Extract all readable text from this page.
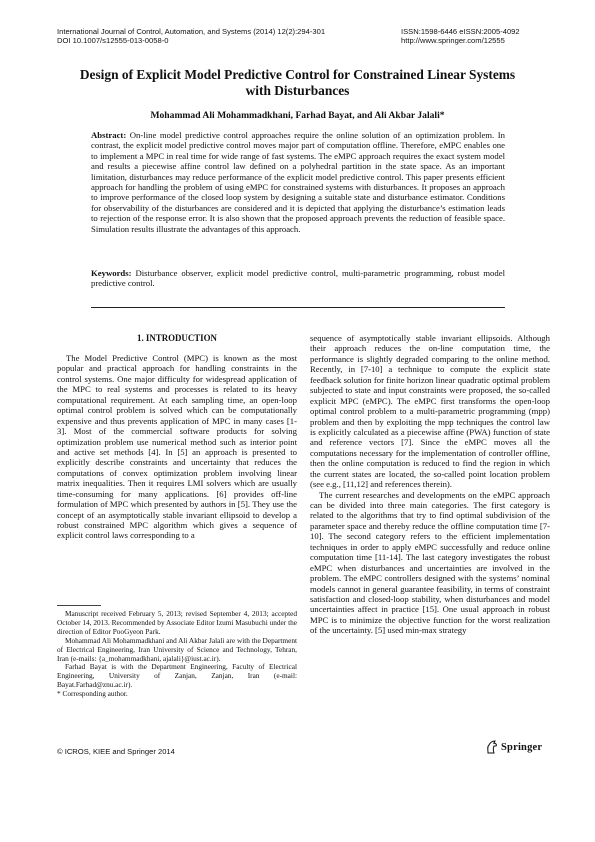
International Journal of Control, Automation, and Systems (2014) 12(2):294-301
DOI 10.1007/s12555-013-0058-0
ISSN:1598-6446 eISSN:2005-4092
http://www.springer.com/12555
Design of Explicit Model Predictive Control for Constrained Linear Systems
with Disturbances
Mohammad Ali Mohammadkhani, Farhad Bayat, and Ali Akbar Jalali*
Abstract: On-line model predictive control approaches require the online solution of an optimization problem. In contrast, the explicit model predictive control moves major part of computation offline. Therefore, eMPC enables one to implement a MPC in real time for wide range of fast systems. The eMPC approach requires the exact system model and results a piecewise affine control law defined on a polyhedral partition in the state space. As an important limitation, disturbances may reduce performance of the explicit model predictive control. This paper presents efficient approach for handling the problem of using eMPC for constrained systems with disturbances. It proposes an approach to improve performance of the closed loop system by designing a suitable state and disturbance estimator. Conditions for observability of the disturbances are considered and it is depicted that applying the disturbance’s estimation leads to rejection of the response error. It is also shown that the proposed approach prevents the reduction of feasible space. Simulation results illustrate the advantages of this approach.
Keywords: Disturbance observer, explicit model predictive control, multi-parametric programming, robust model predictive control.
1. INTRODUCTION

The Model Predictive Control (MPC) is known as the most popular and practical approach for handling constraints in the control systems. One major difficulty for widespread application of the MPC to real systems and processes is related to its heavy computational requirement. At each sampling time, an open-loop optimal control problem is solved which can be computationally expensive and thus prevents application of MPC in many cases [1-3]. Most of the commercial software products for solving optimization problem use numerical method such as interior point and active set methods [4]. In [5] an approach is presented to explicitly describe constraints and uncertainty that reduces the computations of convex optimization problem involving linear matrix inequalities. Then it requires LMI solvers which are usually time-consuming for many applications. [6] provides off-line formulation of MPC which presented by authors in [5]. They use the concept of an asymptotically stable invariant ellipsoid to develop a robust constrained MPC algorithm which gives a sequence of explicit control laws corresponding to a

sequence of asymptotically stable invariant ellipsoids. Although their approach reduces the on-line computation time, the performance is slightly degraded comparing to the online method. Recently, in [7-10] a technique to compute the explicit state feedback solution for finite horizon linear quadratic optimal problem subjected to state and input constraints were proposed, the so-called explicit MPC (eMPC). The eMPC first transforms the open-loop optimal control problem to a multi-parametric programming (mpp) problem and then by exploiting the mpp techniques the control law is explicitly calculated as a piecewise affine (PWA) function of state and reference vectors [7]. Since the eMPC moves all the computations necessary for the implementation of controller offline, then the online computation is reduced to find the region in which the current states are located, the so-called point location problem (see e.g., [11,12] and references therein).

The current researches and developments on the eMPC approach can be divided into three main categories. The first category is related to the algorithms that try to find optimal subdivision of the parameter space and thereby reduce the offline computation time [7-10]. The second category refers to the efficient implementation techniques in order to apply eMPC successfully and reduce online computation time [11-14]. The last category investigates the robust eMPC when disturbances and uncertainties are involved in the problem. The eMPC controllers designed with the systems’ nominal models cannot in general guarantee feasibility, in terms of constraint satisfaction and closed-loop stability, when disturbances and model uncertainties affect in practice [15]. One usual approach in robust MPC is to minimize the objective function for the worst realization of the uncertainty. [5] used min-max strategy

Manuscript received February 5, 2013; revised September 4, 2013; accepted October 14, 2013. Recommended by Associate Editor Izumi Masubuchi under the direction of Editor PooGyeon Park.

Mohammad Ali Mohammadkhani and Ali Akbar Jalali are with the Department of Electrical Engineering, Iran University of Science and Technology, Tehran, Iran (e-mails: {a_mohammadkhani, ajalali}@iust.ac.ir).

Farhad Bayat is with the Department Engineering, Faculty of Electrical Engineering, University of Zanjan, Zanjan, Iran (e-mail: Bayat.Farhad@znu.ac.ir).

* Corresponding author.

© ICROS, KIEE and Springer 2014	Springer
